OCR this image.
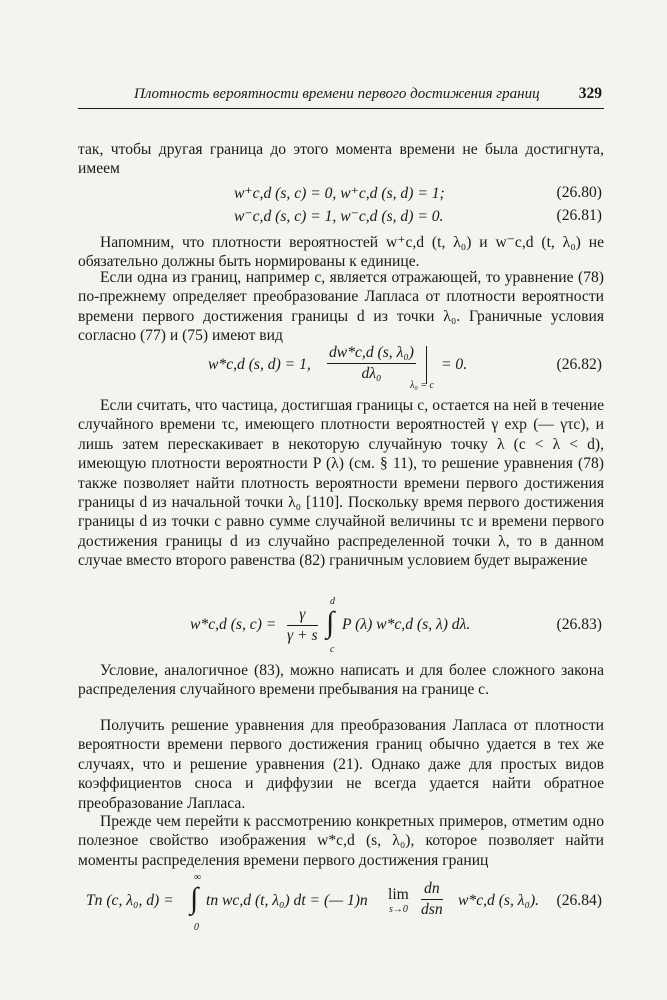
Плотность вероятности времени первого достижения границ	329

так, чтобы другая граница до этого момента времени не была достигнута, имеем

w⁺c,d (s, c) = 0, w⁺c,d (s, d) = 1;	(26.80)
w⁻c,d (s, c) = 1, w⁻c,d (s, d) = 0.	(26.81)

Напомним, что плотности вероятностей w⁺c,d (t, λ₀) и w⁻c,d (t, λ₀) не обязательно должны быть нормированы к единице.

Если одна из границ, например c, является отражающей, то уравнение (78) по-прежнему определяет преобразование Лапласа от плотности вероятности времени первого достижения границы d из точки λ₀. Граничные условия согласно (77) и (75) имеют вид

w*c,d (s, d) = 1, $\frac{\text{dw*c,d (s, λ₀)}}{\text{dλ₀}}$
λ₀ = c
= 0.	(26.82)

Если считать, что частица, достигшая границы c, остается на ней в течение случайного времени τc, имеющего плотности вероятностей γ exp (— γτc), и лишь затем перескакивает в некоторую случайную точку λ (c < λ < d), имеющую плотности вероятности P (λ) (см. § 11), то решение уравнения (78) также позволяет найти плотность вероятности времени первого достижения границы d из начальной точки λ₀ [110]. Поскольку время первого достижения границы d из точки c равно сумме случайной величины τc и времени первого достижения границы d из случайно распределенной точки λ, то в данном случае вместо второго равенства (82) граничным условием будет выражение

w*c,d (s, $c) = \frac{\gamma}{\gamma + s}$
d
∫
c
P (λ) w*c,d (s, λ) dλ.	(26.83)

Условие, аналогичное (83), можно написать и для более сложного закона распределения случайного времени пребывания на границе c.

Получить решение уравнения для преобразования Лапласа от плотности вероятности времени первого достижения границ обычно удается в тех же случаях, что и решение уравнения (21). Однако даже для простых видов коэффициентов сноса и диффузии не всегда удается найти обратное преобразование Лапласа.

Прежде чем перейти к рассмотрению конкретных примеров, отметим одно полезное свойство изображения w*c,d (s, λ₀), которое позволяет найти моменты распределения времени первого достижения границ

Tn (c, λ₀, d) =
∞
∫
0
tn wc,d (t, λ₀) dt = (— 1)n lim
$s\to 0 \frac{dn}{\text{dsn}} w*c,d$ (s, λ₀). (26.84)
